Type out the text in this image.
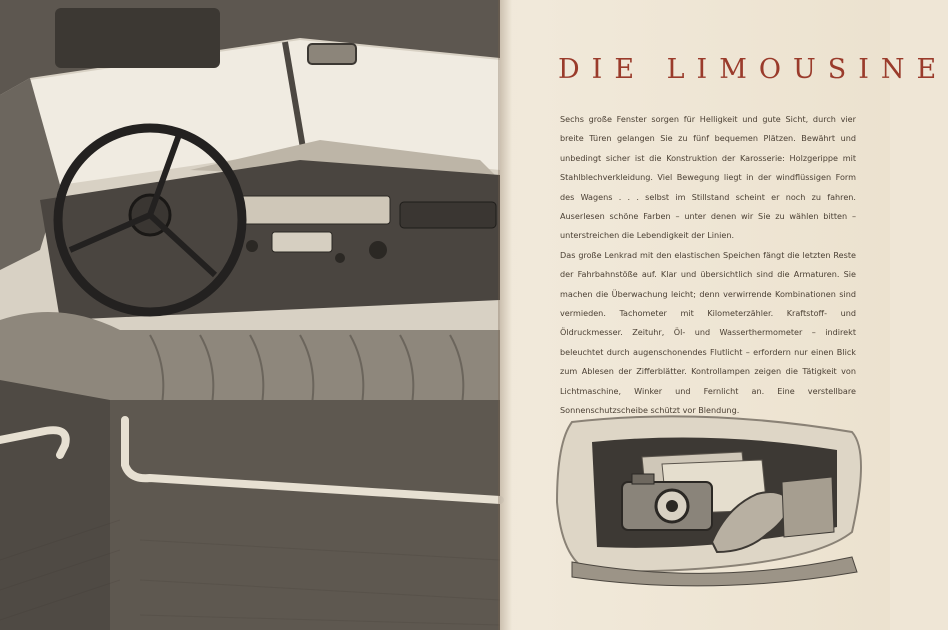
DIE LIMOUSINE

Sechs große Fenster sorgen für Helligkeit und gute Sicht, durch vier breite Türen gelangen Sie zu fünf bequemen Plätzen. Bewährt und unbedingt sicher ist die Konstruktion der Karosserie: Holzgerippe mit Stahlblechverkleidung. Viel Bewegung liegt in der windflüssigen Form des Wagens . . . selbst im Stillstand scheint er noch zu fahren. Auserlesen schöne Farben – unter denen wir Sie zu wählen bitten – unterstreichen die Lebendigkeit der Linien.

Das große Lenkrad mit den elastischen Speichen fängt die letzten Reste der Fahrbahnstöße auf. Klar und übersichtlich sind die Armaturen. Sie machen die Überwachung leicht; denn verwirrende Kombinationen sind vermieden. Tachometer mit Kilometerzähler. Kraftstoff- und Öldruckmesser. Zeituhr, Öl- und Wasserthermometer – indirekt beleuchtet durch augenschonendes Flutlicht – erfordern nur einen Blick zum Ablesen der Zifferblätter. Kontrollampen zeigen die Tätigkeit von Lichtmaschine, Winker und Fernlicht an. Eine verstellbare Sonnenschutzscheibe schützt vor Blendung.
